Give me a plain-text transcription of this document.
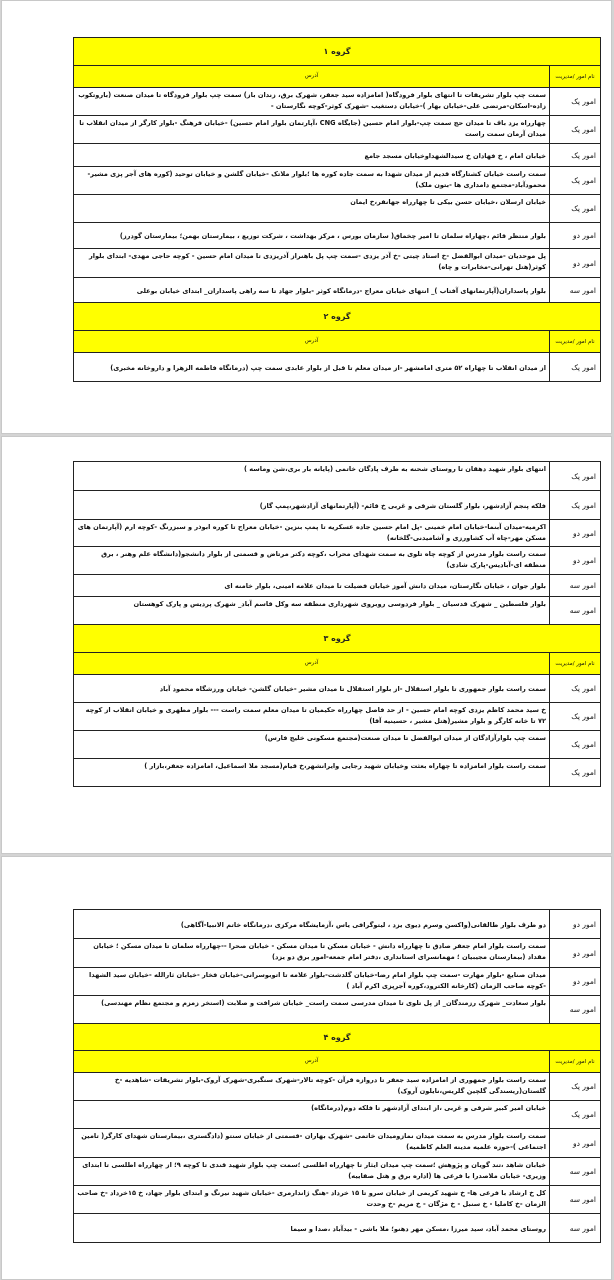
گروه ۱
نام امور /مدیریت
آدرس
امور یک
سمت چپ بلوار تشریفات تا انتهای بلوار فرودگاه( امامزاده سید جعفر، شهرک برق، زندان باز) سمت چپ بلوار فرودگاه تا میدان صنعت (باروتکوب زاده-اسکان-مرتضی علی-خیابان بهار )-خیابان دستغیب -شهرک کوثر-کوچه نگارستان -
امور یک
چهارراه یزد باف تا میدان حج سمت چپ-بلوار امام حسین (جایگاه CNG ،آپارتمان بلوار امام حسین) -خیابان فرهنگ -بلوار کارگر از میدان انقلاب تا میدان آرمان سمت راست
امور یک
خیابان امام ، خ فهادان خ سیدالشهداوخیابان مسجد جامع
امور یک
سمت راست خیابان کشتارگاه قدیم از میدان شهدا به سمت جاده کوره ها ؛بلوار ملاتک -خیابان گلشن و خیابان توحید (کوره های آجر پزی مشیر-محمودآباد-مجتمع دامداری ها -بتون ملک)
امور یک
خیابان ارسلان ،خیابان حسن بیکی تا چهارراه جهانفر،خ ایمان
امور دو
بلوار منتظر قائم ،چهاراه سلمان تا امیر چخماق( سازمان بورس ، مرکز بهداشت ، شرکت توزیع ، بیمارستان بهمن؛ بیمارستان گودرز)
امور دو
پل موحدیان -میدان ابوالفضل -خ استاد چیتی -خ آذر یزدی -سمت چپ پل باهنراز آذریزدی تا میدان امام حسین - کوچه حاجی مهدی- ابتدای بلوار کوثر(هتل تهرانی-مخابرات و چاه)
امور سه
بلوار پاسداران(آپارتمانهای آفتاب )_ انتهای خیابان معراج -درمانگاه کوثر -بلوار جهاد تا سه راهی پاسداران_ ابتدای خیابان بوعلی
گروه ۲
نام امور /مدیریت
آدرس
امور یک
از میدان انقلاب تا چهاراه ۵۲ متری امامشهر -از میدان معلم تا قبل از بلوار عابدی سمت چپ (درمانگاه فاطمه الزهرا و داروخانه مخبری)
امور یک
انتهای بلوار شهید دهقان تا روستای شحنه به طرف پادگان خاتمی (پایانه بار بری،شن وماسه )
امور یک
فلکه پنجم آزادشهر، بلوار گلستان شرقی و غربی خ قائم- (آپارتمانهای آزادشهر،پمپ گاز)
امور دو
اکرمیه-میدان آبنما-خیابان امام خمینی -پل امام حسین جاده عسکریه تا پمپ بنزین -خیابان معراج تا کوره ابوذر و سبزرنگ -کوچه ارم (آپارتمان های مسکن مهر-چاه آب کشاورزی و آشامیدنی-گلخانه)
امور دو
سمت راست بلوار مدرس از کوچه چاه تلوی به سمت شهدای محراب ،کوچه دکتر مرتاض و قسمتی از بلوار دانشجو(دانشگاه علم وهنر ، برق منطقه ای-آبادیس-پارک شادی)
امور سه
بلوار جوان ، خیابان نگارستان، میدان دانش آموز خیابان فضیلت تا میدان علامه امینی، بلوار خامنه ای
امور سه
بلوار فلسطین _ شهرک قدسیان _ بلوار فردوسی روبروی شهرداری منطقه سه وکل قاسم آباد_ شهرک پردیس و پارک کوهستان
گروه ۳
نام امور /مدیریت
آدرس
امور یک
سمت راست بلوار جمهوری تا بلوار استقلال -از بلوار استقلال تا میدان مشیر -خیابان گلشن- خیابان ورزشگاه محمود آباد
امور یک
خ سید محمد کاظم یزدی کوچه امام حسین - از حد فاصل چهارراه حکیمیان تا میدان معلم سمت راست --- بلوار مطهری و خیابان انقلاب از کوچه ۷۲ تا خانه کارگر و بلوار مشیر(هتل مشیر ، حسینیه آقا)
امور یک
سمت چپ بلوارآزادگان از میدان ابوالفضل تا میدان صنعت(مجتمع مسکونی خلیج فارس)
امور یک
سمت راست بلوار امامزاده تا چهاراه بعثت وخیابان شهید رجایی وایرانشهر،خ قیام(مسجد ملا اسماعیل، امامزاده جعفر،بازار )
امور دو
دو طرف بلوار طالقانی(واکسن وسرم دیوی یزد ، لیتوگرافی یاس ،آزمایشگاه مرکزی ،درمانگاه خاتم الانبیا-آگاهی)
امور دو
سمت راست بلوار امام جعفر صادق تا چهارراه دانش - خیابان مسکن تا میدان مسکن - خیابان صحرا --چهارراه سلمان تا میدان مسکن ؛ خیابان مقداد (بیمارستان مجیبیان ؛ مهمانسرای استانداری ،دفتر امام جمعه-امور برق دو یزد)
امور دو
میدان صنایع -بلوار مهارت -سمت چپ بلوار امام رضا-خیابان گلدشت-بلوار علامه تا اتوبوسرانی-خیابان فخار -خیابان ثارالله -خیابان سید الشهدا -کوچه صاحب الزمان (کارخانه الکترود،کوره آجرپزی اکرم آباد )
امور سه
بلوار سعادت_ شهرک رزمندگان_ از پل تلوی تا میدان مدرسی سمت راست_ خیابان شرافت و صلابت (استخر زمزم و مجتمع نظام مهندسی)
گروه ۴
نام امور /مدیریت
آدرس
امور یک
سمت راست بلوار جمهوری از امامزاده سید جعفر تا دروازه قرآن -کوچه تالار-شهرک سنگبری-شهرک آروک-بلوار تشریفات -شاهدیه -خ گلستان(ریسندگی گلچین گلریس،نایلون آروک)
امور یک
خیابان امیر کبیر شرقی و غربی ،از ابتدای آزادشهر تا فلکه دوم(درمانگاه)
امور دو
سمت راست بلوار مدرس به سمت میدان نمازومیدان خاتمی -شهرک بهاران -قسمتی از خیابان سنتو (دادگستری ،بیمارستان شهدای کارگر( تامین اجتماعی )-حوزه علمیه مدینه العلم کاظمیه)
امور سه
خیابان شاهد ،تند گویان و پژوهش ؛سمت چپ میدان ایثار تا چهارراه اطلسی ؛سمت چپ بلوار شهید قندی تا کوچه ۹؛ از چهارراه اطلسی تا ابتدای وزیری- خیابان ملاصدرا با فرعی ها (اداره برق و هتل صفاییه)
امور سه
کل خ ارشاد با فرعی ها- خ شهید کریمی از خیابان سرو تا ۱۵ خرداد -هنگ ژاندارمری -خیابان شهید نیرنگ و ابتدای بلوار جهاد، خ ۱۵خرداد -خ صاحب الزمان -خ کاملیا - خ سنبل - خ مژگان - خ مریم -خ وحدت
امور سه
روستای محمد آباد، سید میرزا ،مسکن مهر دهنو؛ ملا باشی - بیدآباد ،صدا و سیما
